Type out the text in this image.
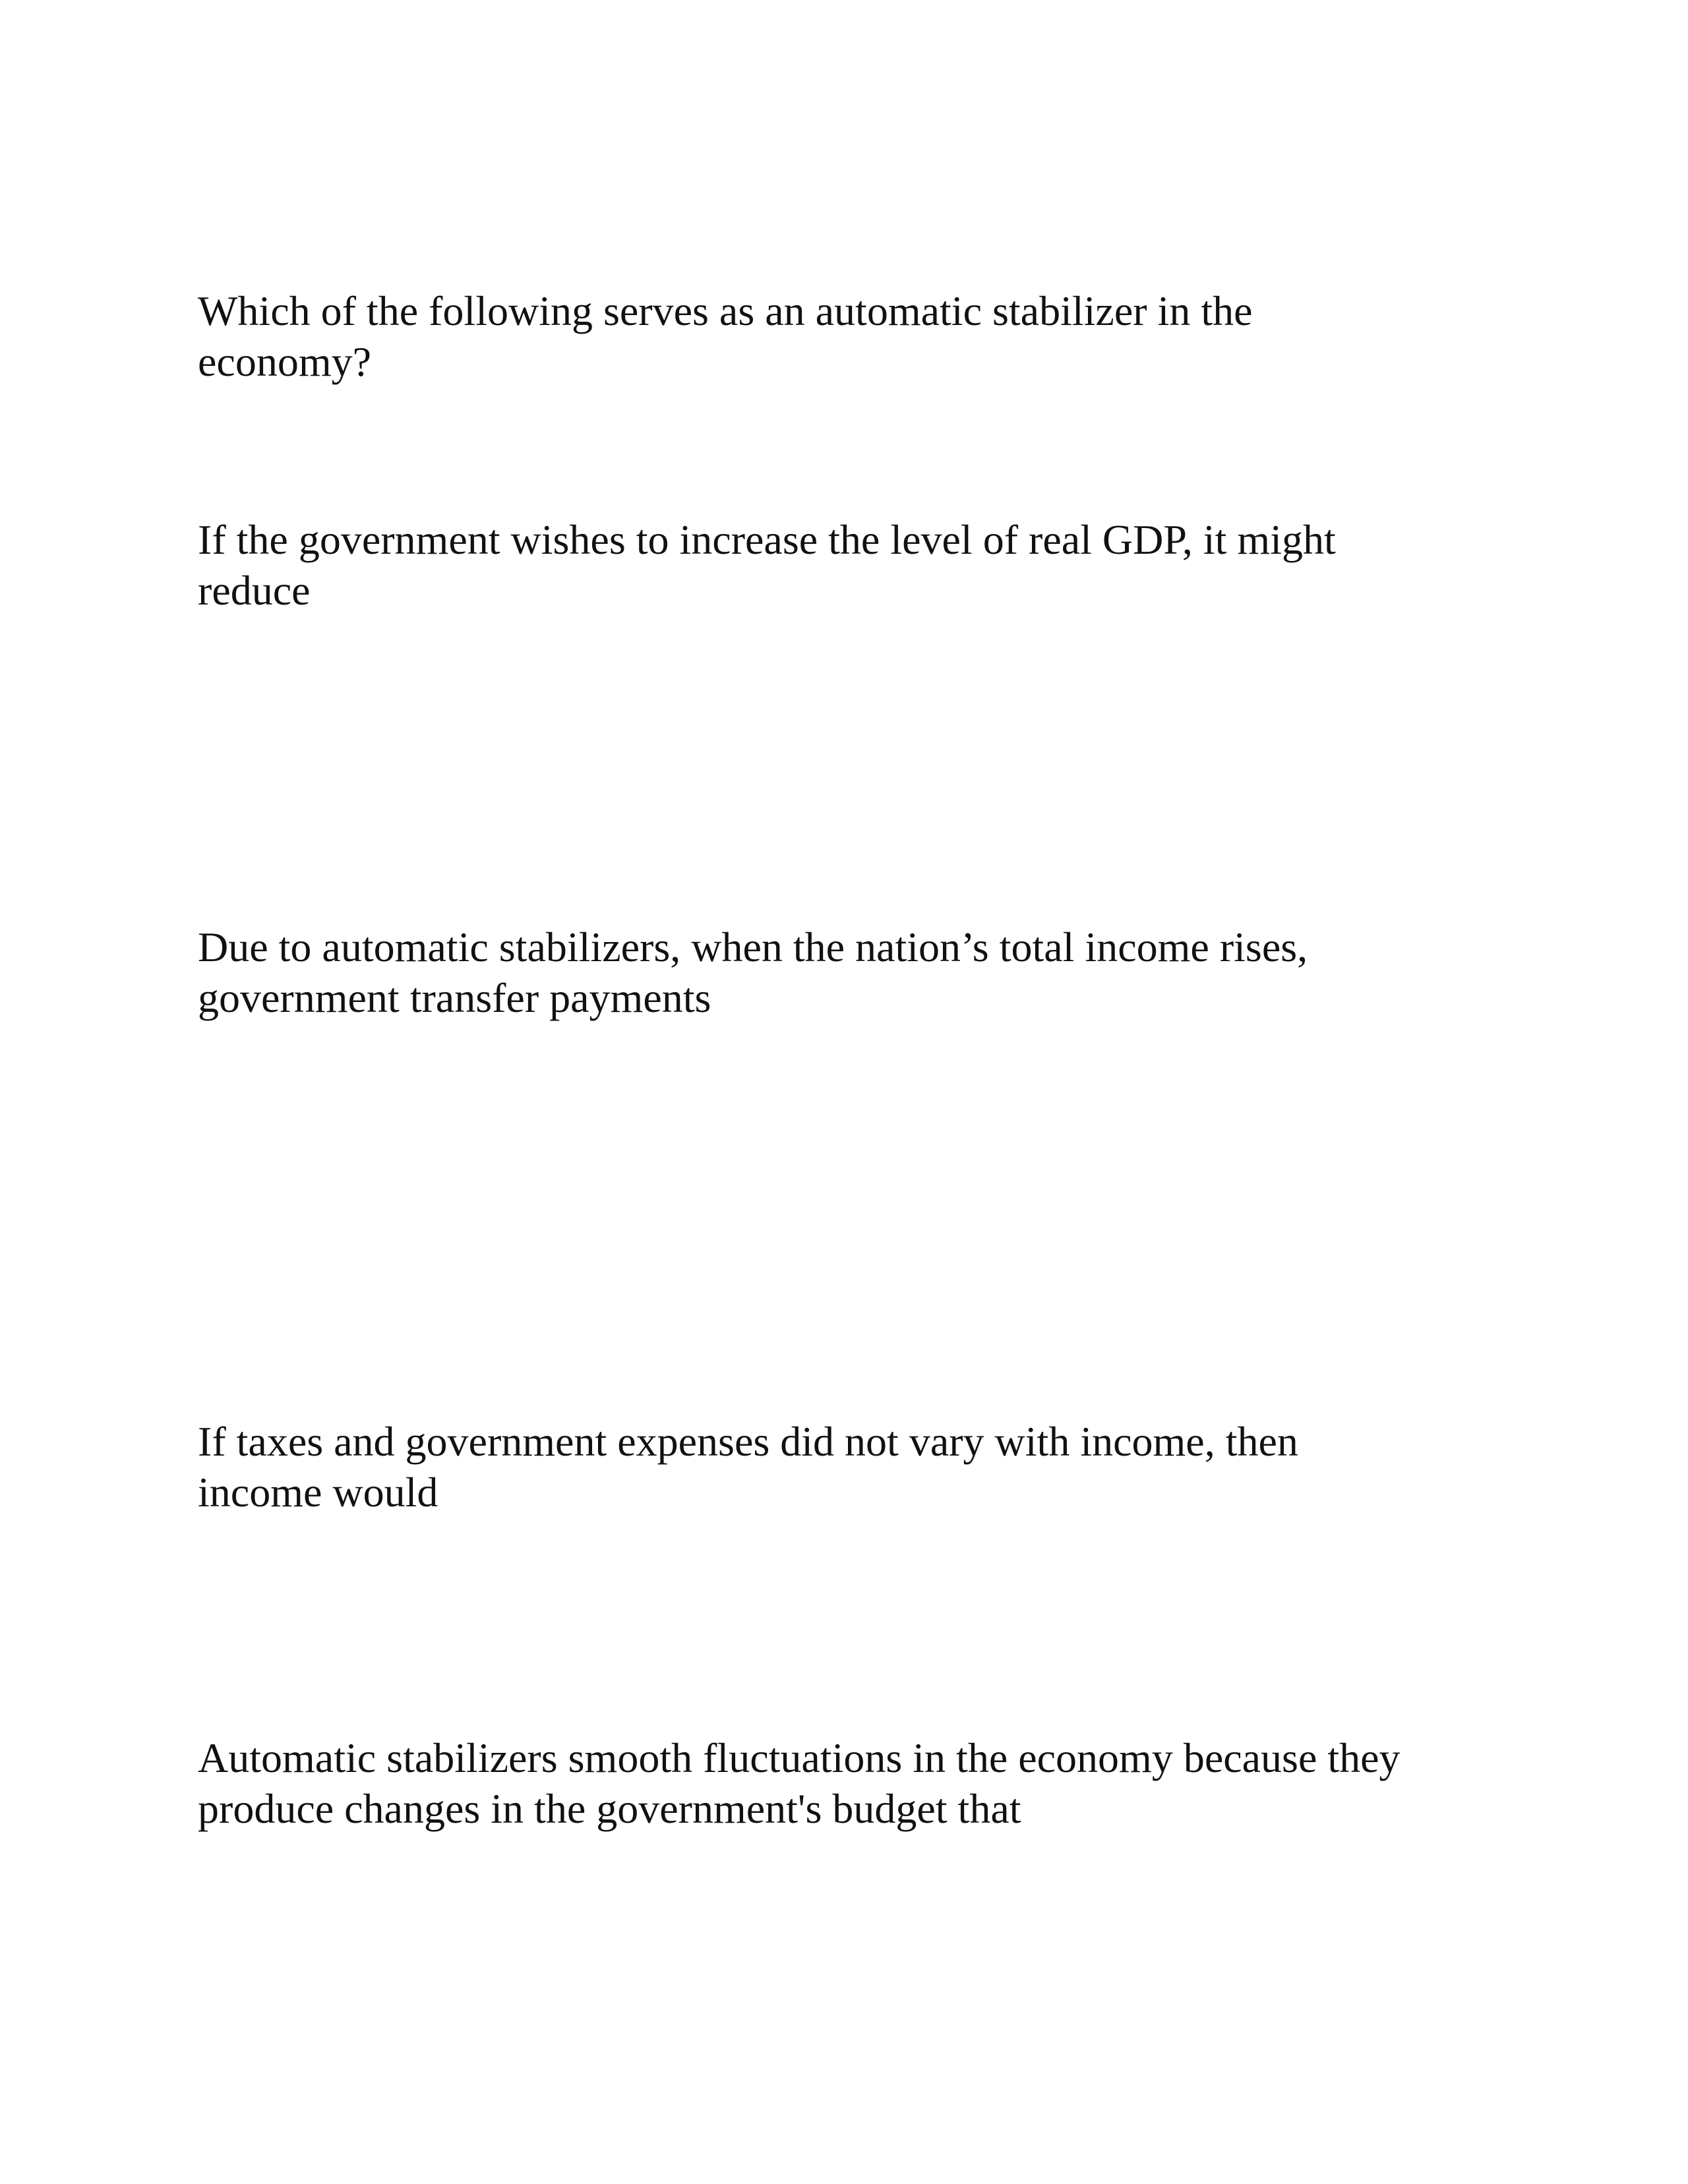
Which of the following serves as an automatic stabilizer in the
economy?

If the government wishes to increase the level of real GDP, it might
reduce

Due to automatic stabilizers, when the nation’s total income rises,
government transfer payments

If taxes and government expenses did not vary with income, then
income would

Automatic stabilizers smooth fluctuations in the economy because they
produce changes in the government's budget that
